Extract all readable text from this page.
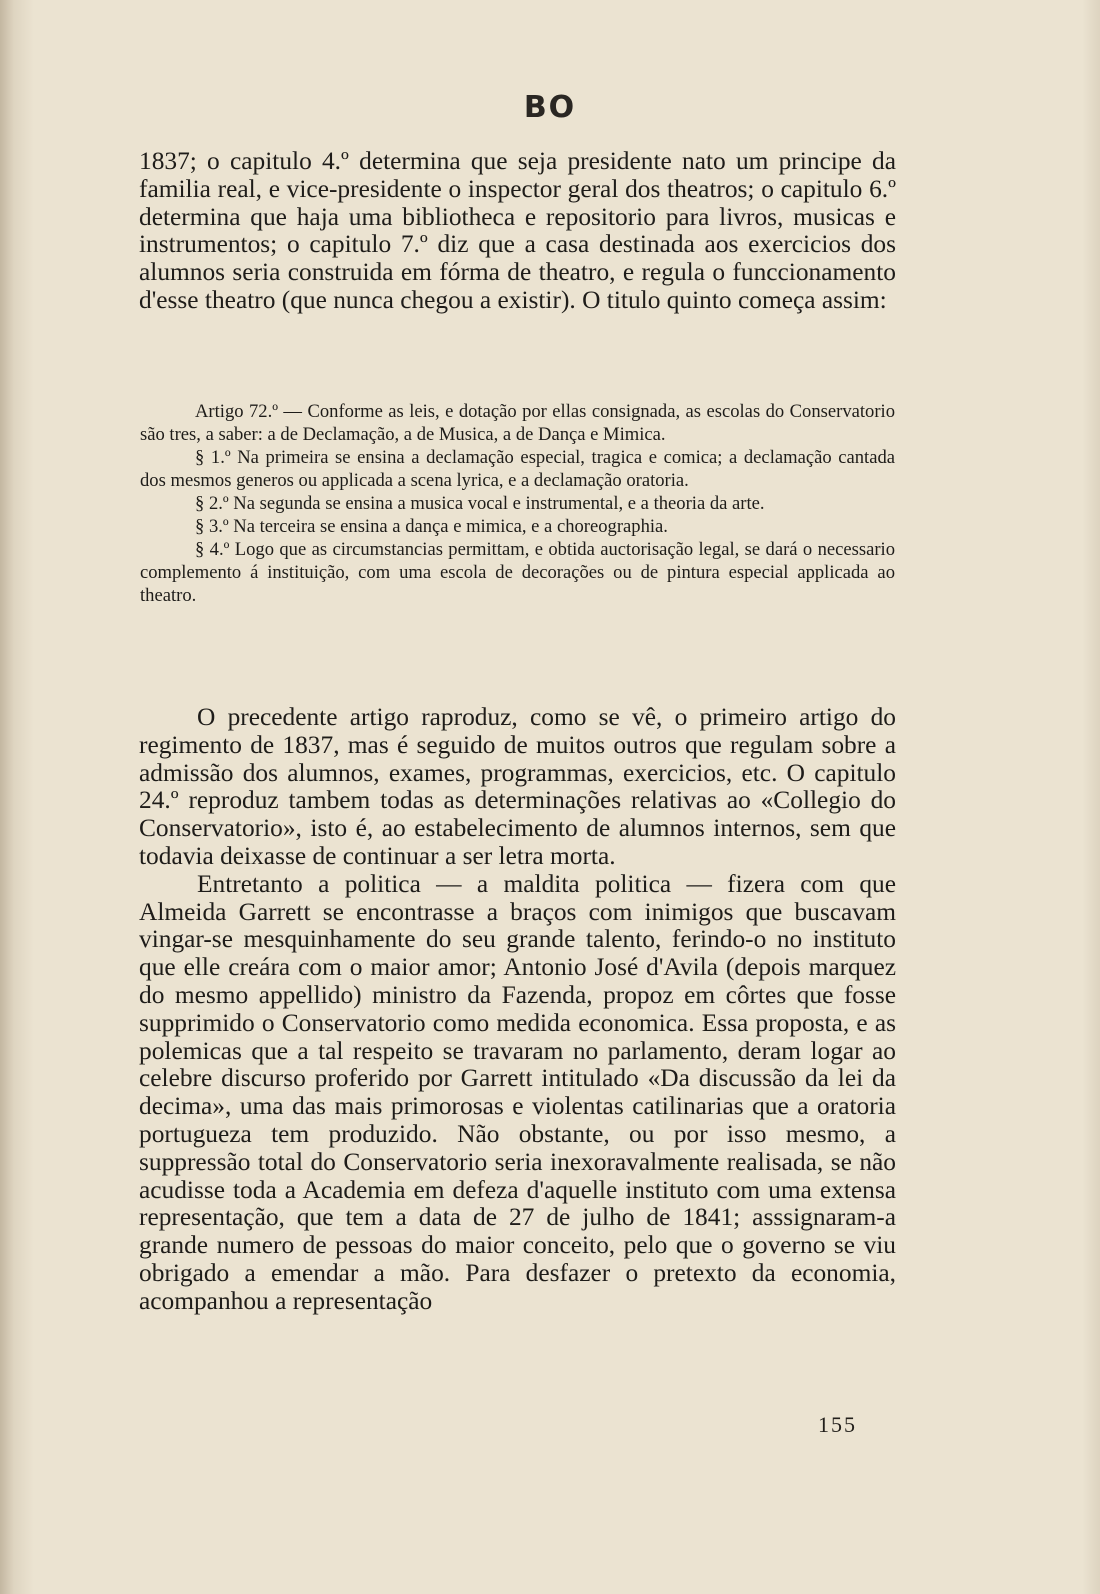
BO

1837; o capitulo 4.º determina que seja presidente nato um principe da familia real, e vice-presidente o inspector geral dos theatros; o capitulo 6.º determina que haja uma bibliotheca e repositorio para livros, musicas e instrumentos; o capitulo 7.º diz que a casa destinada aos exercicios dos alumnos seria construida em fórma de theatro, e regula o funccionamento d'esse theatro (que nunca chegou a existir). O titulo quinto começa assim:

Artigo 72.º — Conforme as leis, e dotação por ellas consignada, as escolas do Conservatorio são tres, a saber: a de Declamação, a de Musica, a de Dança e Mimica.

§ 1.º Na primeira se ensina a declamação especial, tragica e comica; a declamação cantada dos mesmos generos ou applicada a scena lyrica, e a declamação oratoria.

§ 2.º Na segunda se ensina a musica vocal e instrumental, e a theoria da arte.

§ 3.º Na terceira se ensina a dança e mimica, e a choreographia.

§ 4.º Logo que as circumstancias permittam, e obtida auctorisação legal, se dará o necessario complemento á instituição, com uma escola de decorações ou de pintura especial applicada ao theatro.

O precedente artigo raproduz, como se vê, o primeiro artigo do regimento de 1837, mas é seguido de muitos outros que regulam sobre a admissão dos alumnos, exames, programmas, exercicios, etc. O capitulo 24.º reproduz tambem todas as determinações relativas ao «Collegio do Conservatorio», isto é, ao estabelecimento de alumnos internos, sem que todavia deixasse de continuar a ser letra morta.

Entretanto a politica — a maldita politica — fizera com que Almeida Garrett se encontrasse a braços com inimigos que buscavam vingar-se mesquinhamente do seu grande talento, ferindo-o no instituto que elle creára com o maior amor; Antonio José d'Avila (depois marquez do mesmo appellido) ministro da Fazenda, propoz em côrtes que fosse supprimido o Conservatorio como medida economica. Essa proposta, e as polemicas que a tal respeito se travaram no parlamento, deram logar ao celebre discurso proferido por Garrett intitulado «Da discussão da lei da decima», uma das mais primorosas e violentas catilinarias que a oratoria portugueza tem produzido. Não obstante, ou por isso mesmo, a suppressão total do Conservatorio seria inexoravalmente realisada, se não acudisse toda a Academia em defeza d'aquelle instituto com uma extensa representação, que tem a data de 27 de julho de 1841; asssignaram-a grande numero de pessoas do maior conceito, pelo que o governo se viu obrigado a emendar a mão. Para desfazer o pretexto da economia, acompanhou a representação

155
